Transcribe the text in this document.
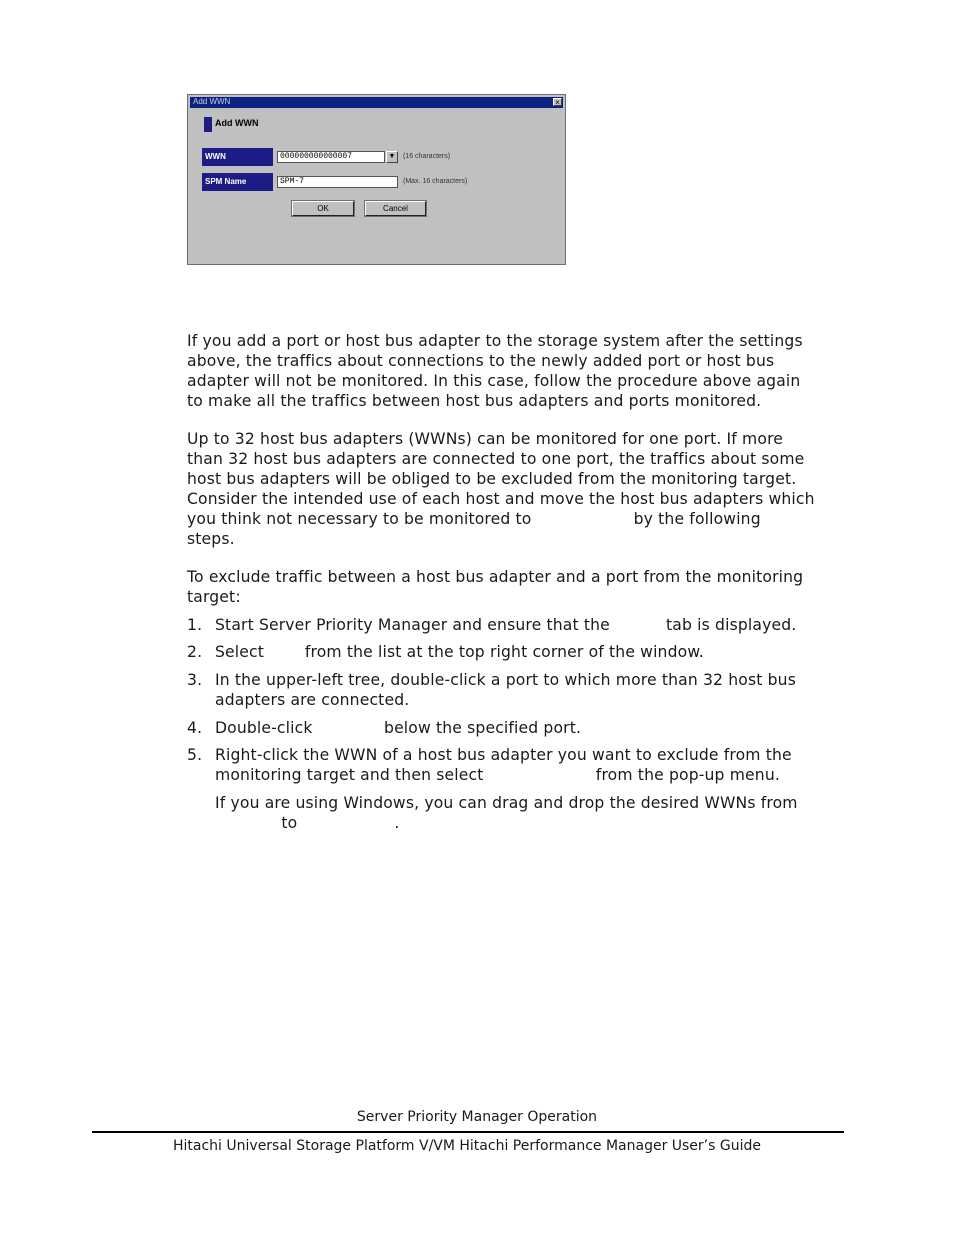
Add WWN	×
Add WWN
WWN	000000000000007	▼	(16 characters)
SPM Name	SPM-7	(Max. 16 characters)
OK	Cancel
If you add a port or host bus adapter to the storage system after the settings
above, the traffics about connections to the newly added port or host bus
adapter will not be monitored. In this case, follow the procedure above again
to make all the traffics between host bus adapters and ports monitored.
Up to 32 host bus adapters (WWNs) can be monitored for one port. If more
than 32 host bus adapters are connected to one port, the traffics about some
host bus adapters will be obliged to be excluded from the monitoring target.
Consider the intended use of each host and move the host bus adapters which
you think not necessary to be monitored to                    by the following
steps.
To exclude traffic between a host bus adapter and a port from the monitoring
target:
1. Start Server Priority Manager and ensure that the           tab is displayed.
2. Select        from the list at the top right corner of the window.
3. In the upper-left tree, double-click a port to which more than 32 host bus
adapters are connected.
4. Double-click              below the specified port.
5. Right-click the WWN of a host bus adapter you want to exclude from the
monitoring target and then select                      from the pop-up menu.
If you are using Windows, you can drag and drop the desired WWNs from
to                   .
Server Priority Manager Operation
Hitachi Universal Storage Platform V/VM Hitachi Performance Manager User’s Guide
